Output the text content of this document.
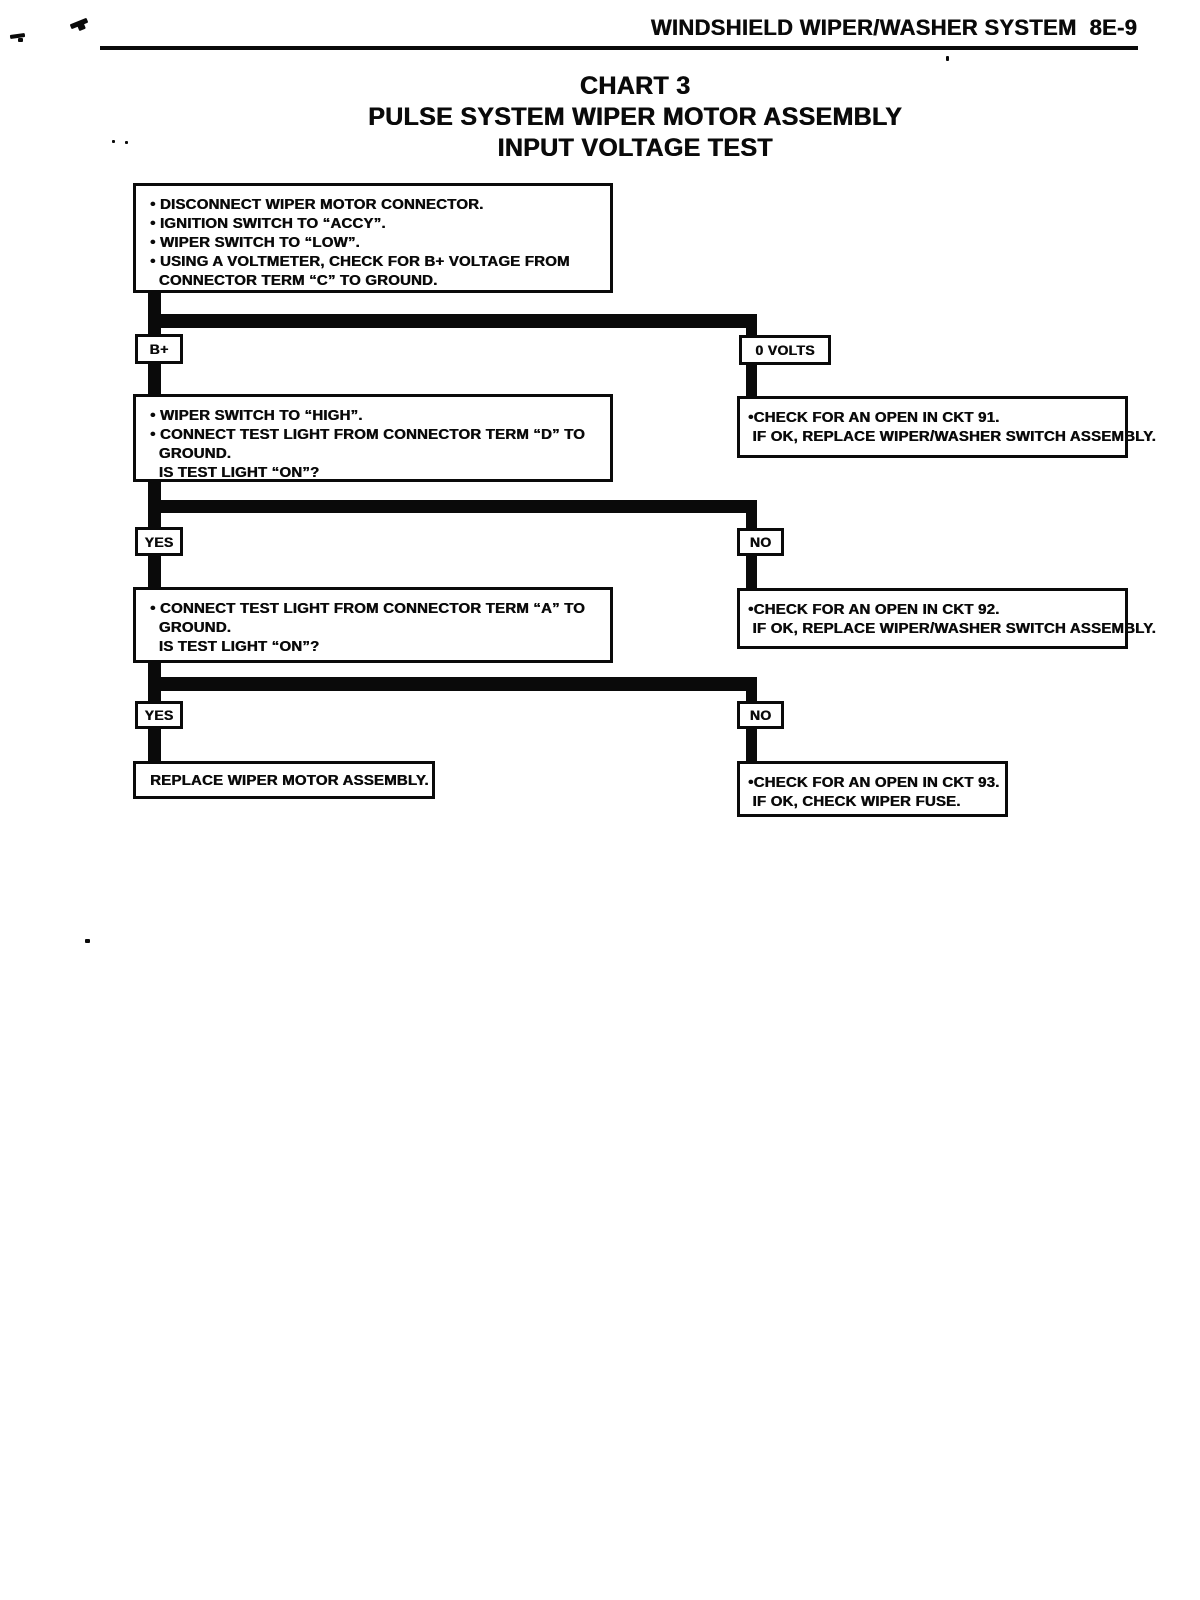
WINDSHIELD WIPER/WASHER SYSTEM  8E-9
CHART 3
PULSE SYSTEM WIPER MOTOR ASSEMBLY
INPUT VOLTAGE TEST
• DISCONNECT WIPER MOTOR CONNECTOR.
• IGNITION SWITCH TO “ACCY”.
• WIPER SWITCH TO “LOW”.
• USING A VOLTMETER, CHECK FOR B+ VOLTAGE FROM
CONNECTOR TERM “C” TO GROUND.
B+	0 VOLTS
• WIPER SWITCH TO “HIGH”.
• CONNECT TEST LIGHT FROM CONNECTOR TERM “D” TO
GROUND.
IS TEST LIGHT “ON”?
•CHECK FOR AN OPEN IN CKT 91.
IF OK, REPLACE WIPER/WASHER SWITCH ASSEMBLY.
YES	NO
• CONNECT TEST LIGHT FROM CONNECTOR TERM “A” TO
GROUND.
IS TEST LIGHT “ON”?
•CHECK FOR AN OPEN IN CKT 92.
IF OK, REPLACE WIPER/WASHER SWITCH ASSEMBLY.
YES	NO
REPLACE WIPER MOTOR ASSEMBLY.	•CHECK FOR AN OPEN IN CKT 93.
IF OK, CHECK WIPER FUSE.
